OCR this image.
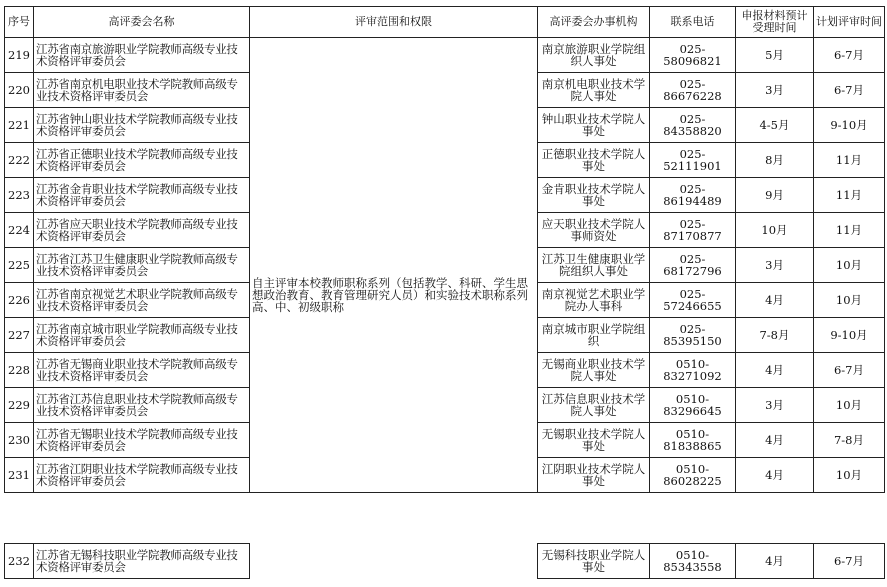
序号	高评委会名称	评审范围和权限	高评委会办事机构	联系电话	申报材料预计受理时间	计划评审时间
219	江苏省南京旅游职业学院教师高级专业技术资格评审委员会	自主评审本校教师职称系列（包括教学、科研、学生思想政治教育、教育管理研究人员）和实验技术职称系列高、中、初级职称	南京旅游职业学院组织人事处	025-58096821	5月	6-7月
220	江苏省南京机电职业技术学院教师高级专业技术资格评审委员会		南京机电职业技术学院人事处	025-86676228	3月	6-7月
221	江苏省钟山职业技术学院教师高级专业技术资格评审委员会		钟山职业技术学院人事处	025-84358820	4-5月	9-10月
222	江苏省正德职业技术学院教师高级专业技术资格评审委员会		正德职业技术学院人事处	025-52111901	8月	11月
223	江苏省金肯职业技术学院教师高级专业技术资格评审委员会		金肯职业技术学院人事处	025-86194489	9月	11月
224	江苏省应天职业技术学院教师高级专业技术资格评审委员会		应天职业技术学院人事师资处	025-87170877	10月	11月
225	江苏省江苏卫生健康职业学院教师高级专业技术资格评审委员会		江苏卫生健康职业学院组织人事处	025-68172796	3月	10月
226	江苏省南京视觉艺术职业学院教师高级专业技术资格评审委员会		南京视觉艺术职业学院办人事科	025-57246655	4月	10月
227	江苏省南京城市职业学院教师高级专业技术资格评审委员会		南京城市职业学院组织	025-85395150	7-8月	9-10月
228	江苏省无锡商业职业技术学院教师高级专业技术资格评审委员会		无锡商业职业技术学院人事处	0510-83271092	4月	6-7月
229	江苏省江苏信息职业技术学院教师高级专业技术资格评审委员会		江苏信息职业技术学院人事处	0510-83296645	3月	10月
230	江苏省无锡职业技术学院教师高级专业技术资格评审委员会		无锡职业技术学院人事处	0510-81838865	4月	7-8月
231	江苏省江阴职业技术学院教师高级专业技术资格评审委员会		江阴职业技术学院人事处	0510-86028225	4月	10月
232	江苏省无锡科技职业学院教师高级专业技术资格评审委员会		无锡科技职业学院人事处	0510-85343558	4月	6-7月
